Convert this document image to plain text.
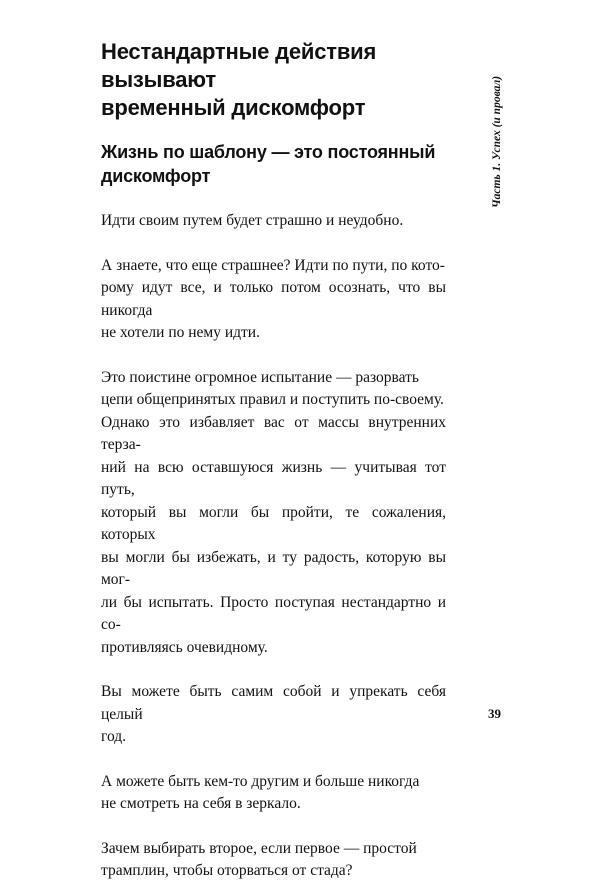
Нестандартные действия вызывают
временный дискомфорт
Жизнь по шаблону — это постоянный
дискомфорт

Идти своим путем будет страшно и неудобно.

А знаете, что еще страшнее? Идти по пути, по кото-
рому идут все, и только потом осознать, что вы никогда
не хотели по нему идти.

Это поистине огромное испытание — разорвать
цепи общепринятых правил и поступить по-своему.
Однако это избавляет вас от массы внутренних терза-
ний на всю оставшуюся жизнь — учитывая тот путь,
который вы могли бы пройти, те сожаления, которых
вы могли бы избежать, и ту радость, которую вы мог-
ли бы испытать. Просто поступая нестандартно и со-
противляясь очевидному.

Вы можете быть самим собой и упрекать себя целый
год.

А можете быть кем-то другим и больше никогда
не смотреть на себя в зеркало.

Зачем выбирать второе, если первое — простой
трамплин, чтобы оторваться от стада?

Часть 1. Успех (и провал)
39
